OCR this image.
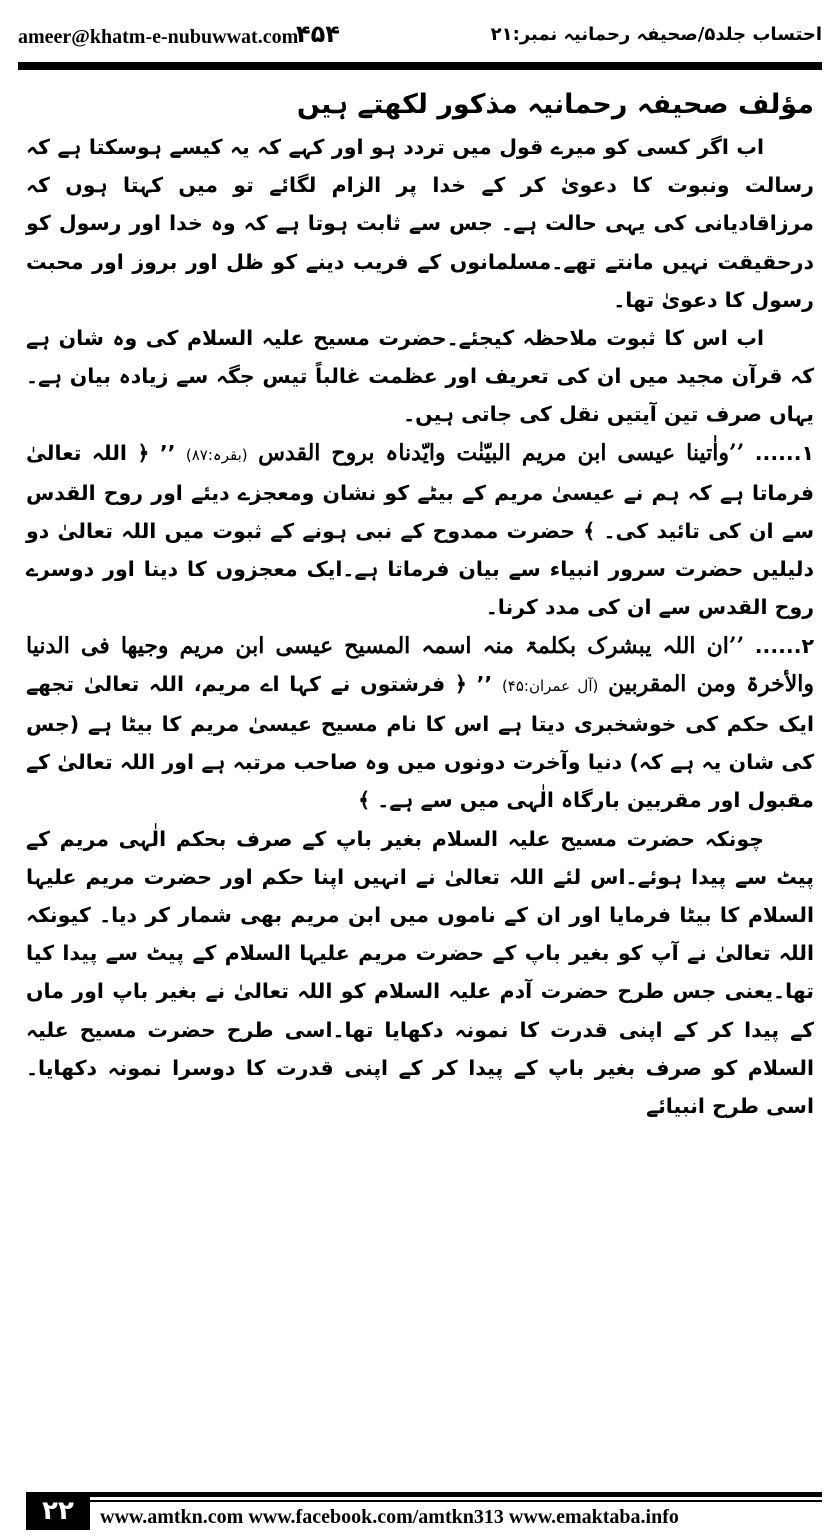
ameer@khatm-e-nubuwwat.com
۴۵۴	احتساب جلد۵/صحیفہ رحمانیہ نمبر:۲۱

مؤلف صحیفہ رحمانیہ مذکور لکھتے ہیں

اب اگر کسی کو میرے قول میں تردد ہو اور کہے کہ یہ کیسے ہوسکتا ہے کہ رسالت ونبوت کا دعویٰ کر کے خدا پر الزام لگائے تو میں کہتا ہوں کہ مرزاقادیانی کی یہی حالت ہے۔ جس سے ثابت ہوتا ہے کہ وہ خدا اور رسول کو درحقیقت نہیں مانتے تھے۔مسلمانوں کے فریب دینے کو ظل اور بروز اور محبت رسول کا دعویٰ تھا۔

اب اس کا ثبوت ملاحظہ کیجئے۔حضرت مسیح علیہ السلام کی وہ شان ہے کہ قرآن مجید میں ان کی تعریف اور عظمت غالباً تیس جگہ سے زیادہ بیان ہے۔ یہاں صرف تین آیتیں نقل کی جاتی ہیں۔

۱...... ’’واٰتینا عیسی ابن مریم البیّنٰت وایّدناہ بروح القدس (بقرہ:۸۷) ’’ ﴿ اللہ تعالیٰ فرماتا ہے کہ ہم نے عیسیٰ مریم کے بیٹے کو نشان ومعجزے دیئے اور روح القدس سے ان کی تائید کی۔ ﴾ حضرت ممدوح کے نبی ہونے کے ثبوت میں اللہ تعالیٰ دو دلیلیں حضرت سرور انبیاء سے بیان فرماتا ہے۔ایک معجزوں کا دینا اور دوسرے روح القدس سے ان کی مدد کرنا۔

۲...... ’’ان اللہ یبشرک بکلمۃ منہ اسمہ المسیح عیسی ابن مریم وجیھا فی الدنیا والأخرۃ ومن المقربین (آل عمران:۴۵) ’’ ﴿ فرشتوں نے کہا اے مریم، اللہ تعالیٰ تجھے ایک حکم کی خوشخبری دیتا ہے اس کا نام مسیح عیسیٰ مریم کا بیٹا ہے (جس کی شان یہ ہے کہ) دنیا وآخرت دونوں میں وہ صاحب مرتبہ ہے اور اللہ تعالیٰ کے مقبول اور مقربین بارگاہ الٰہی میں سے ہے۔ ﴾

چونکہ حضرت مسیح علیہ السلام بغیر باپ کے صرف بحکم الٰہی مریم کے پیٹ سے پیدا ہوئے۔اس لئے اللہ تعالیٰ نے انہیں اپنا حکم اور حضرت مریم علیہا السلام کا بیٹا فرمایا اور ان کے ناموں میں ابن مریم بھی شمار کر دیا۔ کیونکہ اللہ تعالیٰ نے آپ کو بغیر باپ کے حضرت مریم علیہا السلام کے پیٹ سے پیدا کیا تھا۔یعنی جس طرح حضرت آدم علیہ السلام کو اللہ تعالیٰ نے بغیر باپ اور ماں کے پیدا کر کے اپنی قدرت کا نمونہ دکھایا تھا۔اسی طرح حضرت مسیح علیہ السلام کو صرف بغیر باپ کے پیدا کر کے اپنی قدرت کا دوسرا نمونہ دکھایا۔ اسی طرح انبیائے

۲۲	www.amtkn.com www.facebook.com/amtkn313 www.emaktaba.info
